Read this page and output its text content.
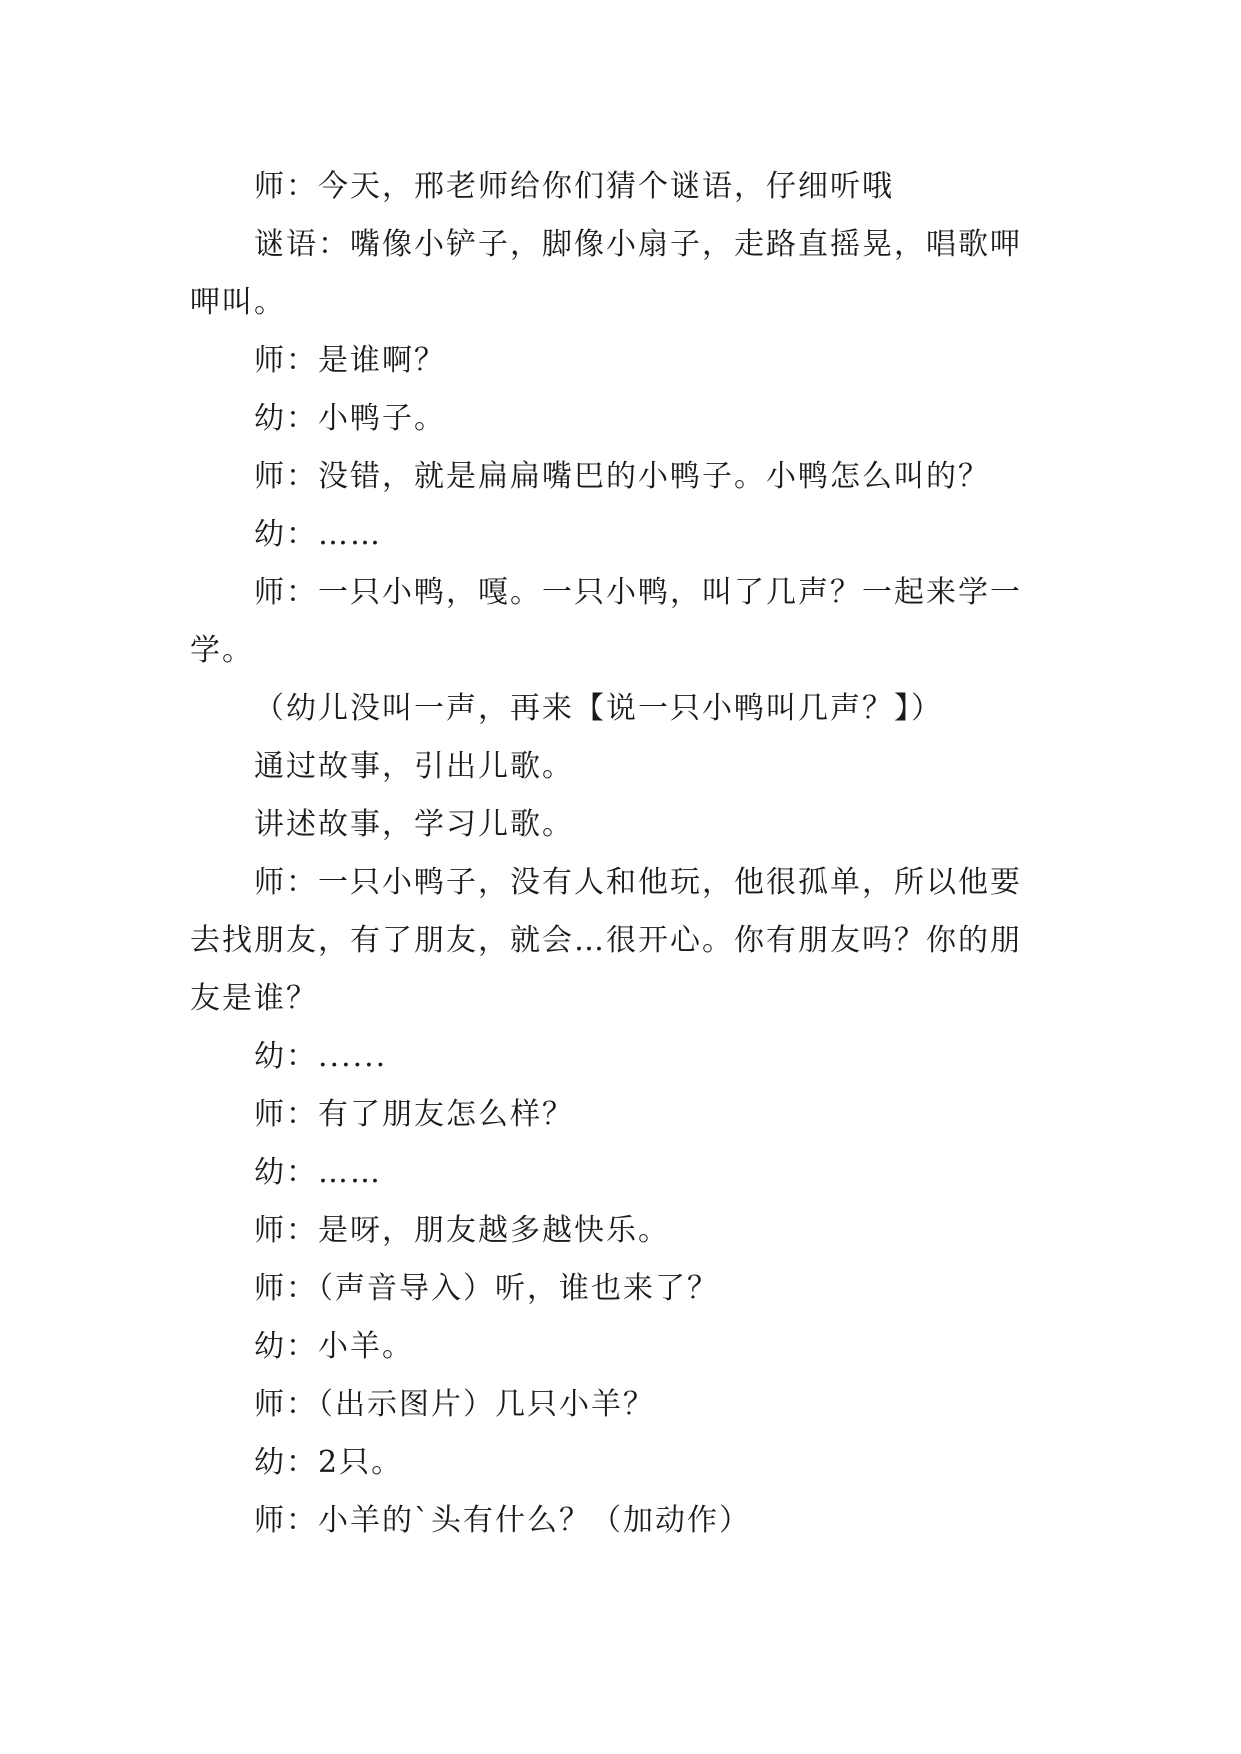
师：今天，邢老师给你们猜个谜语，仔细听哦

谜语：嘴像小铲子，脚像小扇子，走路直摇晃，唱歌呷呷叫。

师：是谁啊？

幼：小鸭子。

师：没错，就是扁扁嘴巴的小鸭子。小鸭怎么叫的？

幼：……

师：一只小鸭，嘎。一只小鸭，叫了几声？一起来学一学。

（幼儿没叫一声，再来【说一只小鸭叫几声？】）

通过故事，引出儿歌。

讲述故事，学习儿歌。

师：一只小鸭子，没有人和他玩，他很孤单，所以他要去找朋友，有了朋友，就会…很开心。你有朋友吗？你的朋友是谁？

幼：......

师：有了朋友怎么样？

幼：……

师：是呀，朋友越多越快乐。

师：（声音导入）听，谁也来了？

幼：小羊。

师：（出示图片）几只小羊？

幼：2只。

师：小羊的`头有什么？（加动作）
